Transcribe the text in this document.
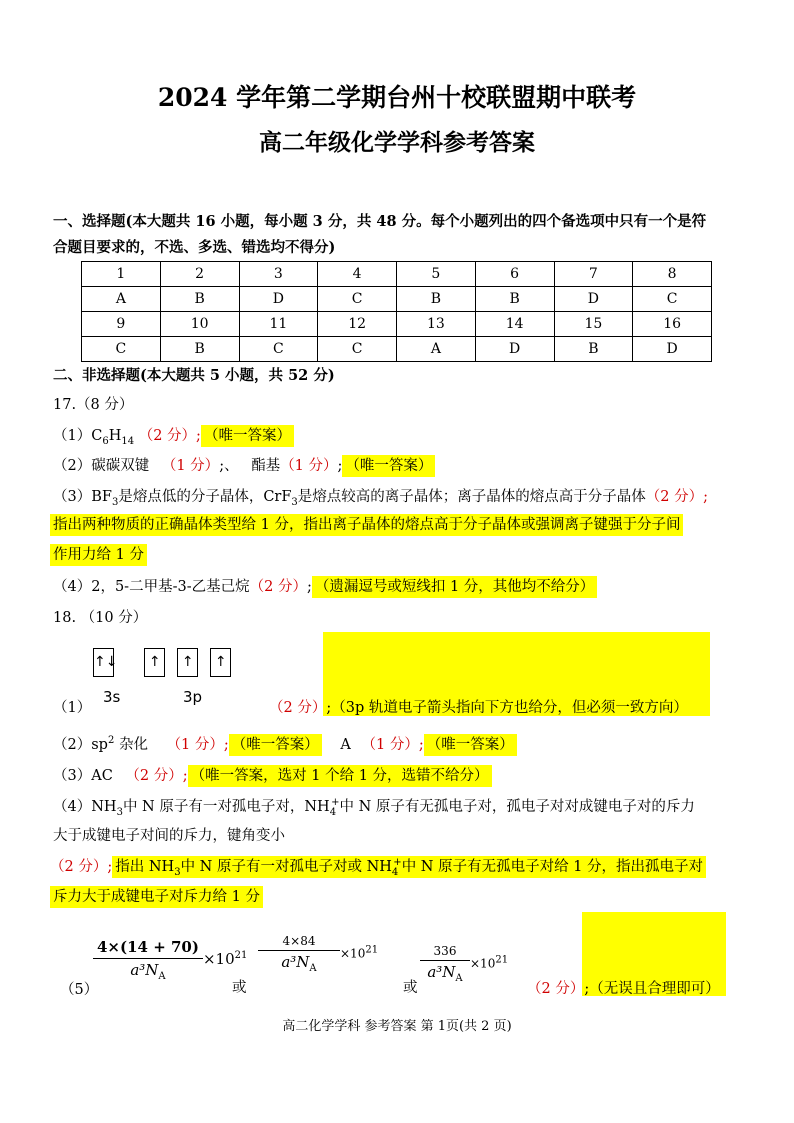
2024 学年第二学期台州十校联盟期中联考
高二年级化学学科参考答案
一、选择题(本大题共 16 小题，每小题 3 分，共 48 分。每个小题列出的四个备选项中只有一个是符
合题目要求的，不选、多选、错选均不得分)
1	2	3	4	5	6	7	8
A	B	D	C	B	B	D	C
9	10	11	12	13	14	15	16
C	B	C	C	A	D	B	D
二、非选择题(本大题共 5 小题，共 52 分)
17.（8 分）
$(1)C_6H_{14}$ （2 分）; （唯一答案）
（2）碳碳双键 （1 分）;、 酯基（1 分）; （唯一答案）
$(3)BF_3$是熔点低的分子晶体，CrF$_3$是熔点较高的离子晶体；离子晶体的熔点高于分子晶体（2 分）;
指出两种物质的正确晶体类型给 1 分，指出离子晶体的熔点高于分子晶体或强调离子键强于分子间
作用力给 1 分
（4）2，5-二甲基-3-乙基己烷（2 分）; （遗漏逗号或短线扣 1 分，其他均不给分）
18. （10 分）
↑↓ ↑ ↑ ↑
3s	3p
（1）	（2 分）;（3p 轨道电子箭头指向下方也给分，但必须一致方向）
$(2)sp^2$ 杂化 （1 分）; （唯一答案） A （1 分）; （唯一答案）
（3）AC （2 分）; （唯一答案，选对 1 个给 1 分，选错不给分）
$(4)NH_3$中 N 原子有一对孤电子对，$NH_4^+$中 N 原子有无孤电子对，孤电子对对成键电子对的斥力
大于成键电子对间的斥力，键角变小
（2 分）; 指出 $NH_3$中 N 原子有一对孤电子对或 $NH_4^+$中 N 原子有无孤电子对给 1 分，指出孤电子对
斥力大于成键电子对斥力给 1 分
（5）
$\frac{4\times(14 + 70)}{a^3N_A} \times 10^{21}$
或
$\frac{4\times 84}{a^3N_A} \times 10^{21}$
或
$\frac{336}{a^3N_A} \times 10^{21}$
（2 分）;（无误且合理即可）
高二化学学科 参考答案 第 1页(共 2 页)
